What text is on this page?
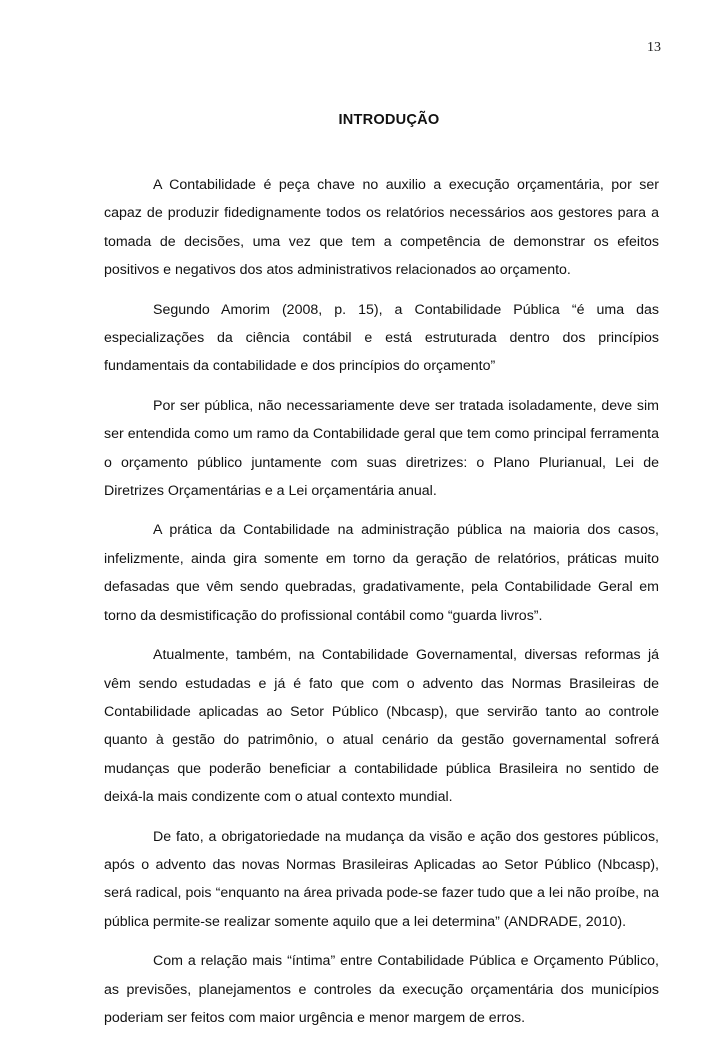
13
INTRODUÇÃO

A Contabilidade é peça chave no auxilio a execução orçamentária, por ser capaz de produzir fidedignamente todos os relatórios necessários aos gestores para a tomada de decisões, uma vez que tem a competência de demonstrar os efeitos positivos e negativos dos atos administrativos relacionados ao orçamento.

Segundo Amorim (2008, p. 15), a Contabilidade Pública “é uma das especializações da ciência contábil e está estruturada dentro dos princípios fundamentais da contabilidade e dos princípios do orçamento”

Por ser pública, não necessariamente deve ser tratada isoladamente, deve sim ser entendida como um ramo da Contabilidade geral que tem como principal ferramenta o orçamento público juntamente com suas diretrizes: o Plano Plurianual, Lei de Diretrizes Orçamentárias e a Lei orçamentária anual.

A prática da Contabilidade na administração pública na maioria dos casos, infelizmente, ainda gira somente em torno da geração de relatórios, práticas muito defasadas que vêm sendo quebradas, gradativamente, pela Contabilidade Geral em torno da desmistificação do profissional contábil como “guarda livros”.

Atualmente, também, na Contabilidade Governamental, diversas reformas já vêm sendo estudadas e já é fato que com o advento das Normas Brasileiras de Contabilidade aplicadas ao Setor Público (Nbcasp), que servirão tanto ao controle quanto à gestão do patrimônio, o atual cenário da gestão governamental sofrerá mudanças que poderão beneficiar a contabilidade pública Brasileira no sentido de deixá-la mais condizente com o atual contexto mundial.

De fato, a obrigatoriedade na mudança da visão e ação dos gestores públicos, após o advento das novas Normas Brasileiras Aplicadas ao Setor Público (Nbcasp), será radical, pois “enquanto na área privada pode-se fazer tudo que a lei não proíbe, na pública permite-se realizar somente aquilo que a lei determina” (ANDRADE, 2010).

Com a relação mais “íntima” entre Contabilidade Pública e Orçamento Público, as previsões, planejamentos e controles da execução orçamentária dos municípios poderiam ser feitos com maior urgência e menor margem de erros.
